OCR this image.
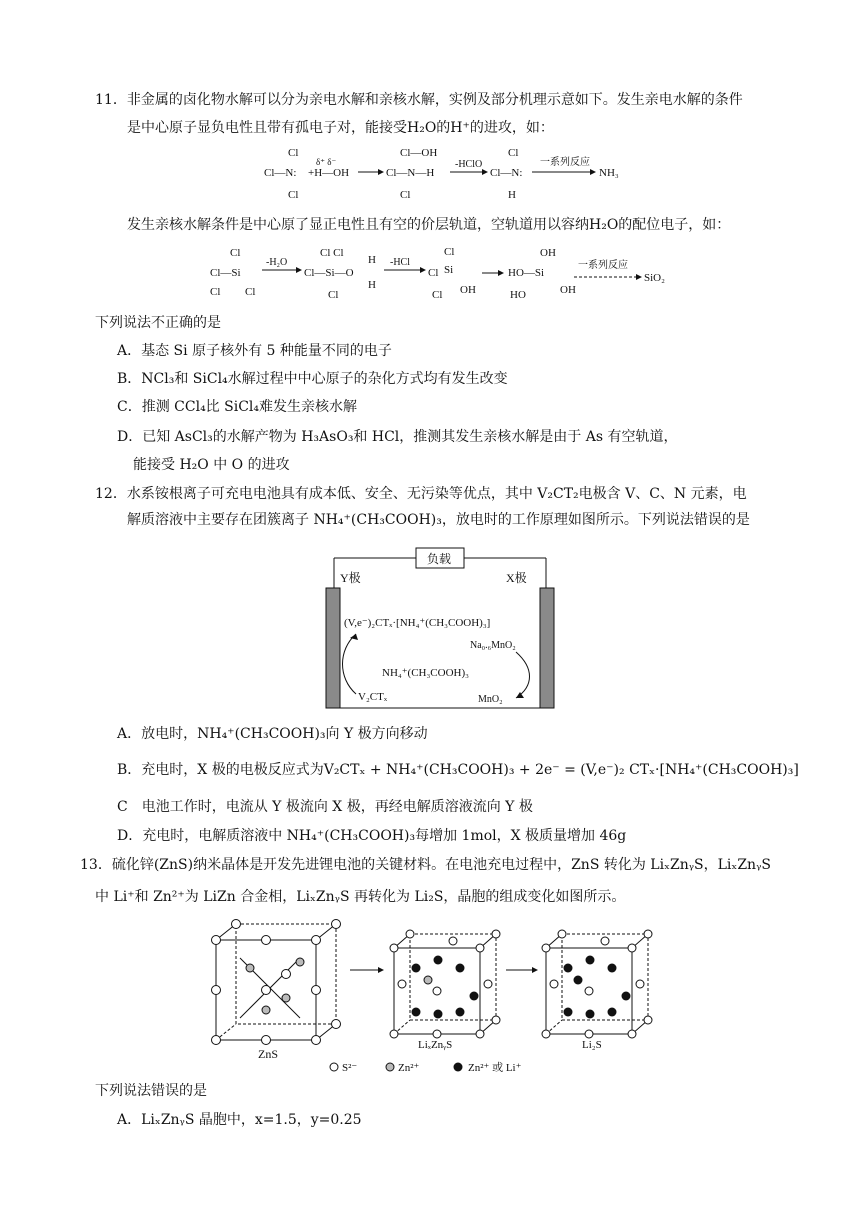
11．非金属的卤化物水解可以分为亲电水解和亲核水解，实例及部分机理示意如下。发生亲电水解的条件
是中心原子显负电性且带有孤电子对，能接受H₂O的H⁺的进攻，如：
Cl
Cl—N:
Cl
δ⁺ δ⁻
+H—OH
Cl—OH
Cl—N—H
Cl
-HClO
Cl
Cl—N:
H
一系列反应
NH₃
发生亲核水解条件是中心原了显正电性且有空的价层轨道，空轨道用以容纳H₂O的配位电子，如：
Cl
Cl—Si
Cl Cl
-H₂O
Cl Cl
Cl—Si—O
H
H
Cl
-HCl
Cl
Si
Cl
Cl OH
OH
HO—Si
HO	OH
一系列反应
SiO₂
下列说法不正确的是
A．基态 Si 原子核外有 5 种能量不同的电子
B．NCl₃和 SiCl₄水解过程中中心原子的杂化方式均有发生改变
C．推测 CCl₄比 SiCl₄难发生亲核水解
D．已知 AsCl₃的水解产物为 H₃AsO₃和 HCl，推测其发生亲核水解是由于 As 有空轨道，
能接受 H₂O 中 O 的进攻
12．水系铵根离子可充电电池具有成本低、安全、无污染等优点，其中 V₂CT₂电极含 V、C、N 元素，电
解质溶液中主要存在团簇离子 NH₄⁺(CH₃COOH)₃，放电时的工作原理如图所示。下列说法错误的是
负载
Y极	X极
(V,e⁻)₂CTₓ·[NH₄⁺(CH₃COOH)₃]
Na₀.₆MnO₂
NH₄⁺(CH₃COOH)₃
V₂CTₓ	MnO₂
A．放电时，NH₄⁺(CH₃COOH)₃向 Y 极方向移动
B．充电时，X 极的电极反应式为V₂CTₓ + NH₄⁺(CH₃COOH)₃ + 2e⁻ = (V,e⁻)₂ CTₓ·[NH₄⁺(CH₃COOH)₃]
C　电池工作时，电流从 Y 极流向 X 极，再经电解质溶液流向 Y 极
D．充电时，电解质溶液中 NH₄⁺(CH₃COOH)₃每增加 1mol，X 极质量增加 46g
13．硫化锌(ZnS)纳米晶体是开发先进锂电池的关键材料。在电池充电过程中，ZnS 转化为 LiₓZnᵧS，LiₓZnᵧS
中 Li⁺和 Zn²⁺为 LiZn 合金相，LiₓZnᵧS 再转化为 Li₂S，晶胞的组成变化如图所示。
ZnS
LiₓZnᵧS	Li₂S
S²⁻	Zn²⁺	Zn²⁺ 或 Li⁺
下列说法错误的是
A．LiₓZnᵧS 晶胞中，x=1.5，y=0.25
